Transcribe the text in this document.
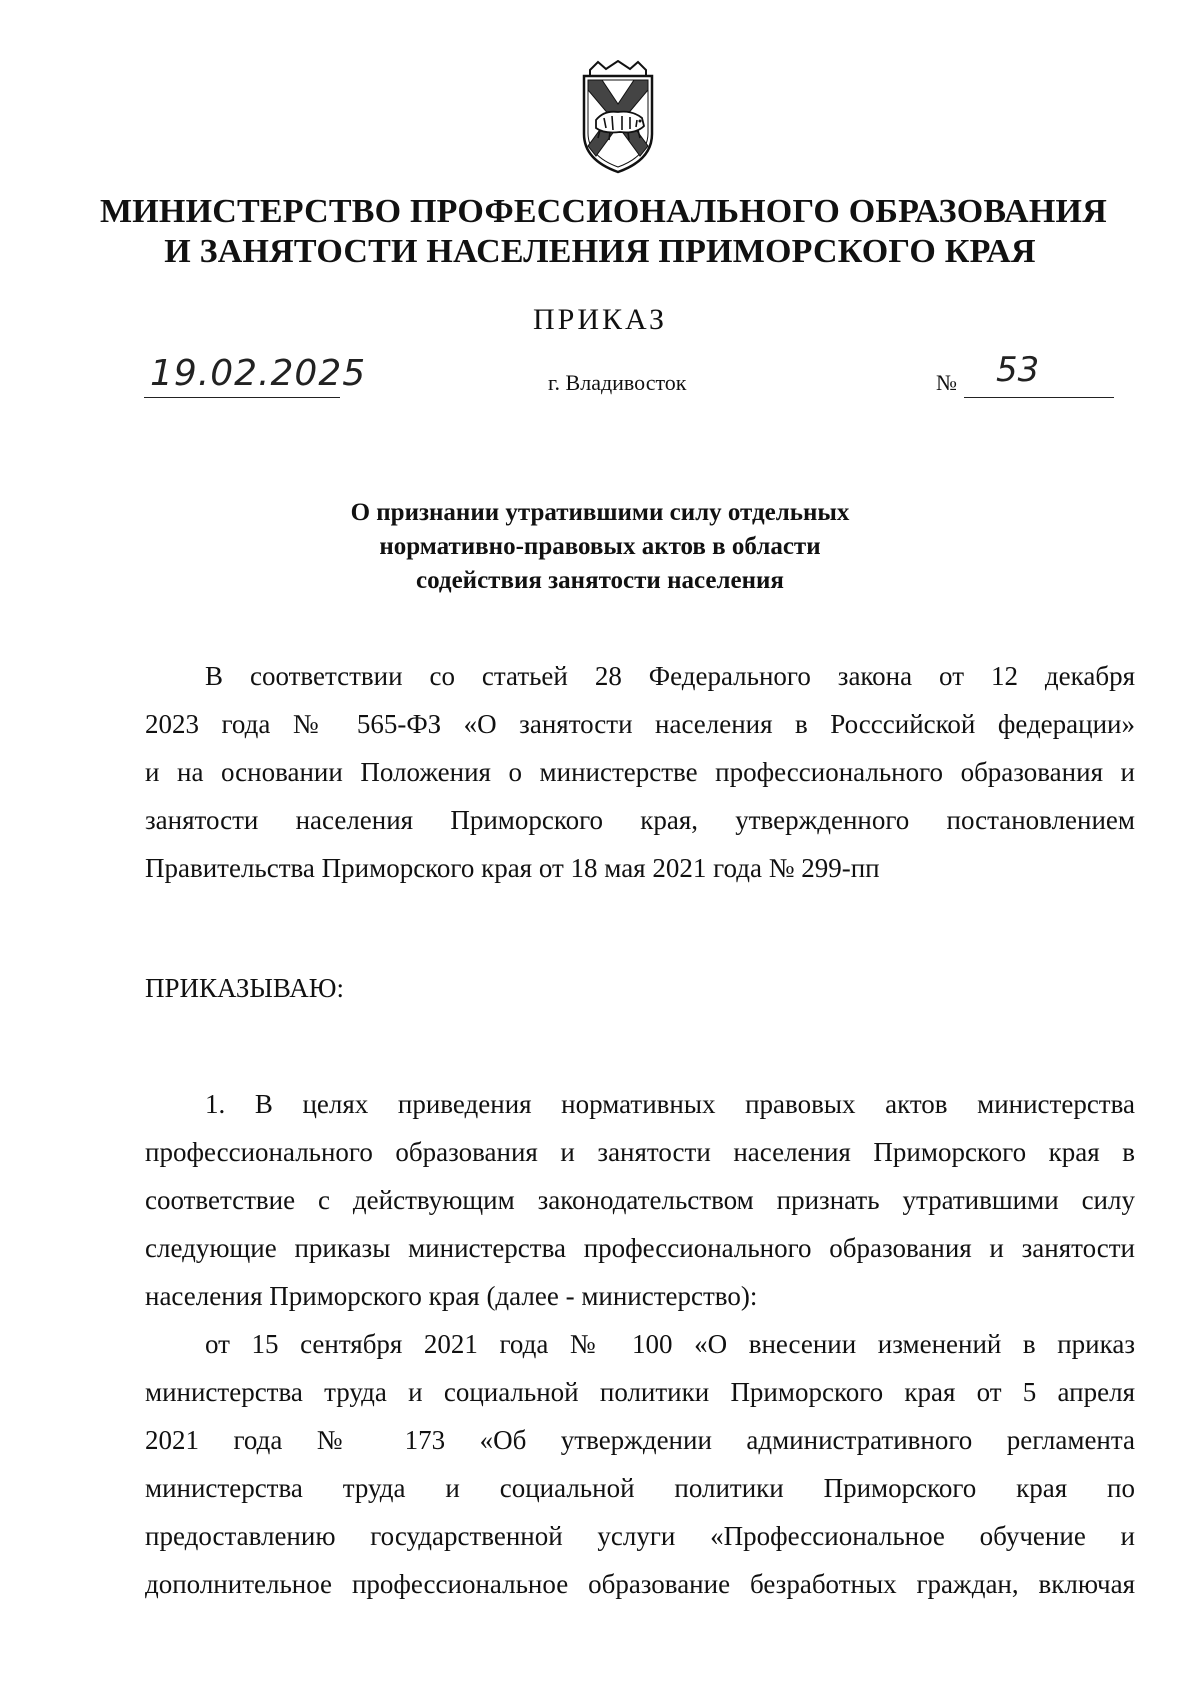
МИНИСТЕРСТВО ПРОФЕССИОНАЛЬНОГО ОБРАЗОВАНИЯ
И ЗАНЯТОСТИ НАСЕЛЕНИЯ ПРИМОРСКОГО КРАЯ
ПРИКАЗ
19.02.2025	г. Владивосток	№ 53
О признании утратившими силу отдельных
нормативно-правовых актов в области
содействия занятости населения
В соответствии со статьей 28 Федерального закона от 12 декабря
2023 года № 565-ФЗ «О занятости населения в Росссийской федерации»
и на основании Положения о министерстве профессионального образования и
занятости населения Приморского края, утвержденного постановлением
Правительства Приморского края от 18 мая 2021 года № 299-пп
ПРИКАЗЫВАЮ:
1. В целях приведения нормативных правовых актов министерства
профессионального образования и занятости населения Приморского края в
соответствие с действующим законодательством признать утратившими силу
следующие приказы министерства профессионального образования и занятости
населения Приморского края (далее - министерство):
от 15 сентября 2021 года № 100 «О внесении изменений в приказ
министерства труда и социальной политики Приморского края от 5 апреля
2021 года № 173 «Об утверждении административного регламента
министерства труда и социальной политики Приморского края по
предоставлению государственной услуги «Профессиональное обучение и
дополнительное профессиональное образование безработных граждан, включая
